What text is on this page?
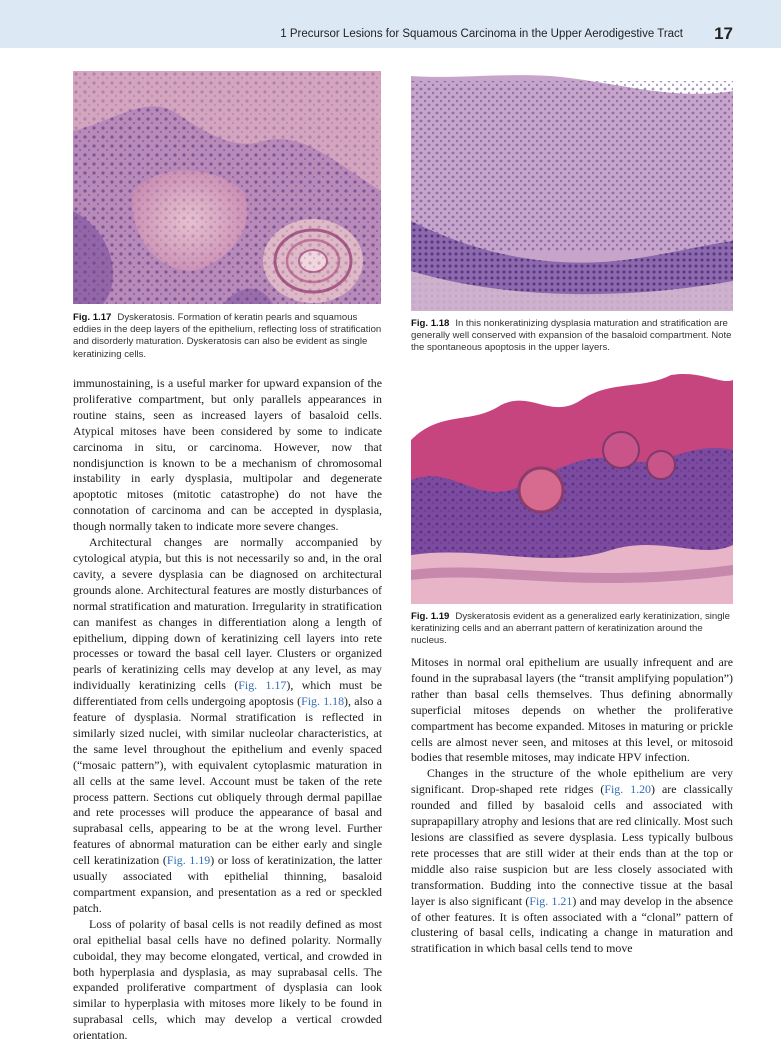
1 Precursor Lesions for Squamous Carcinoma in the Upper Aerodigestive Tract 17
Fig. 1.17 Dyskeratosis. Formation of keratin pearls and squamous eddies in the deep layers of the epithelium, reflecting loss of stratification and disorderly maturation. Dyskeratosis can also be evident as single keratinizing cells.
Fig. 1.18 In this nonkeratinizing dysplasia maturation and stratification are generally well conserved with expansion of the basaloid compartment. Note the spontaneous apoptosis in the upper layers.
Fig. 1.19 Dyskeratosis evident as a generalized early keratinization, single keratinizing cells and an aberrant pattern of keratinization around the nucleus.

immunostaining, is a useful marker for upward expansion of the proliferative compartment, but only parallels appearances in routine stains, seen as increased layers of basaloid cells. Atypical mitoses have been considered by some to indicate carcinoma in situ, or carcinoma. However, now that nondisjunction is known to be a mechanism of chromosomal instability in early dysplasia, multipolar and degenerate apoptotic mitoses (mitotic catastrophe) do not have the connotation of carcinoma and can be accepted in dysplasia, though normally taken to indicate more severe changes.

Architectural changes are normally accompanied by cytological atypia, but this is not necessarily so and, in the oral cavity, a severe dysplasia can be diagnosed on architectural grounds alone. Architectural features are mostly disturbances of normal stratification and maturation. Irregularity in stratification can manifest as changes in differentiation along a length of epithelium, dipping down of keratinizing cell layers into rete processes or toward the basal cell layer. Clusters or organized pearls of keratinizing cells may develop at any level, as may individually keratinizing cells (Fig. 1.17), which must be differentiated from cells undergoing apoptosis (Fig. 1.18), also a feature of dysplasia. Normal stratification is reflected in similarly sized nuclei, with similar nucleolar characteristics, at the same level throughout the epithelium and evenly spaced (“mosaic pattern”), with equivalent cytoplasmic maturation in all cells at the same level. Account must be taken of the rete process pattern. Sections cut obliquely through dermal papillae and rete processes will produce the appearance of basal and suprabasal cells, appearing to be at the wrong level. Further features of abnormal maturation can be either early and single cell keratinization (Fig. 1.19) or loss of keratinization, the latter usually associated with epithelial thinning, basaloid compartment expansion, and presentation as a red or speckled patch.

Loss of polarity of basal cells is not readily defined as most oral epithelial basal cells have no defined polarity. Normally cuboidal, they may become elongated, vertical, and crowded in both hyperplasia and dysplasia, as may suprabasal cells. The expanded proliferative compartment of dysplasia can look similar to hyperplasia with mitoses more likely to be found in suprabasal cells, which may develop a vertical crowded orientation.

Mitoses in normal oral epithelium are usually infrequent and are found in the suprabasal layers (the “transit amplifying population”) rather than basal cells themselves. Thus defining abnormally superficial mitoses depends on whether the proliferative compartment has become expanded. Mitoses in maturing or prickle cells are almost never seen, and mitoses at this level, or mitosoid bodies that resemble mitoses, may indicate HPV infection.

Changes in the structure of the whole epithelium are very significant. Drop-shaped rete ridges (Fig. 1.20) are classically rounded and filled by basaloid cells and associated with suprapapillary atrophy and lesions that are red clinically. Most such lesions are classified as severe dysplasia. Less typically bulbous rete processes that are still wider at their ends than at the top or middle also raise suspicion but are less closely associated with transformation. Budding into the connective tissue at the basal layer is also significant (Fig. 1.21) and may develop in the absence of other features. It is often associated with a “clonal” pattern of clustering of basal cells, indicating a change in maturation and stratification in which basal cells tend to move
